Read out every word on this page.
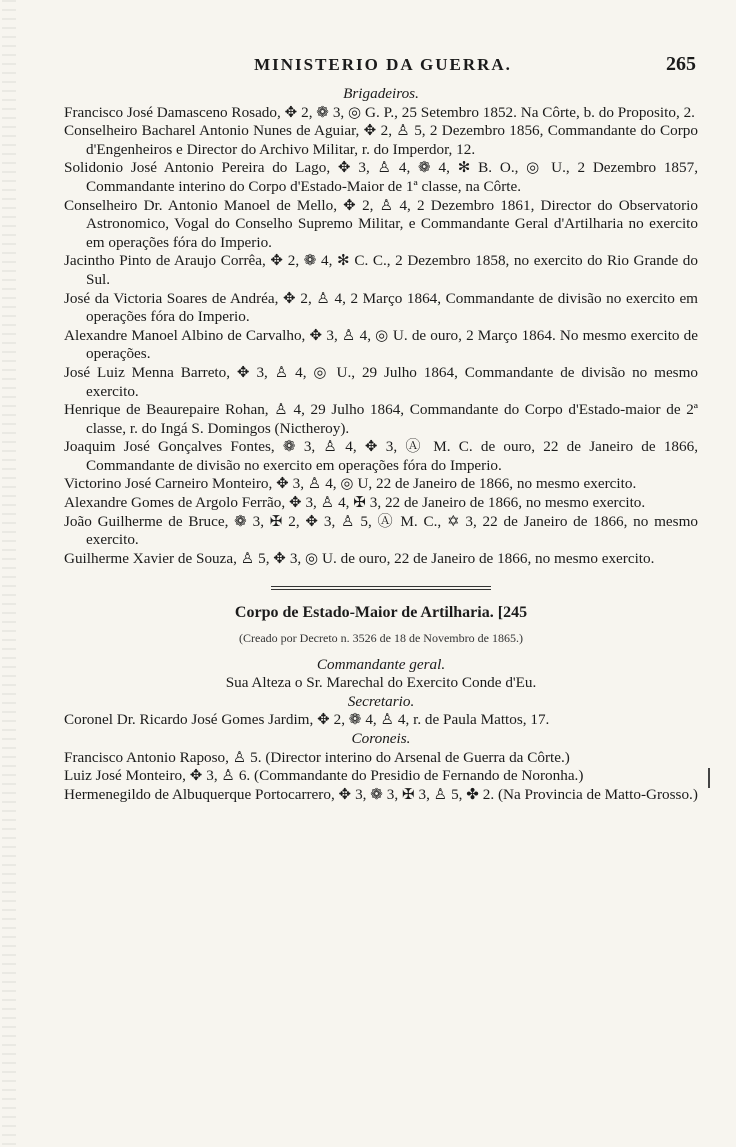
MINISTERIO DA GUERRA.	265
Brigadeiros.
Francisco José Damasceno Rosado, ✥ 2, ❁ 3, ◎ G. P., 25 Setembro 1852. Na Côrte, b. do Proposito, 2.
Conselheiro Bacharel Antonio Nunes de Aguiar, ✥ 2, ♙ 5, 2 Dezembro 1856, Commandante do Corpo d'Engenheiros e Director do Archivo Militar, r. do Imperdor, 12.
Solidonio José Antonio Pereira do Lago, ✥ 3, ♙ 4, ❁ 4, ✻ B. O., ◎ U., 2 Dezembro 1857, Commandante interino do Corpo d'Estado-Maior de 1ª classe, na Côrte.
Conselheiro Dr. Antonio Manoel de Mello, ✥ 2, ♙ 4, 2 Dezembro 1861, Director do Observatorio Astronomico, Vogal do Conselho Supremo Militar, e Commandante Geral d'Artilharia no exercito em operações fóra do Imperio.
Jacintho Pinto de Araujo Corrêa, ✥ 2, ❁ 4, ✻ C. C., 2 Dezembro 1858, no exercito do Rio Grande do Sul.
José da Victoria Soares de Andréa, ✥ 2, ♙ 4, 2 Março 1864, Commandante de divisão no exercito em operações fóra do Imperio.
Alexandre Manoel Albino de Carvalho, ✥ 3, ♙ 4, ◎ U. de ouro, 2 Março 1864. No mesmo exercito de operações.
José Luiz Menna Barreto, ✥ 3, ♙ 4, ◎ U., 29 Julho 1864, Commandante de divisão no mesmo exercito.
Henrique de Beaurepaire Rohan, ♙ 4, 29 Julho 1864, Commandante do Corpo d'Estado-maior de 2ª classe, r. do Ingá S. Domingos (Nictheroy).
Joaquim José Gonçalves Fontes, ❁ 3, ♙ 4, ✥ 3, Ⓐ M. C. de ouro, 22 de Janeiro de 1866, Commandante de divisão no exercito em operações fóra do Imperio.
Victorino José Carneiro Monteiro, ✥ 3, ♙ 4, ◎ U, 22 de Janeiro de 1866, no mesmo exercito.
Alexandre Gomes de Argolo Ferrão, ✥ 3, ♙ 4, ✠ 3, 22 de Janeiro de 1866, no mesmo exercito.
João Guilherme de Bruce, ❁ 3, ✠ 2, ✥ 3, ♙ 5, Ⓐ M. C., ✡ 3, 22 de Janeiro de 1866, no mesmo exercito.
Guilherme Xavier de Souza, ♙ 5, ✥ 3, ◎ U. de ouro, 22 de Janeiro de 1866, no mesmo exercito.
Corpo de Estado-Maior de Artilharia. [245
(Creado por Decreto n. 3526 de 18 de Novembro de 1865.)
Commandante geral.
Sua Alteza o Sr. Marechal do Exercito Conde d'Eu.
Secretario.
Coronel Dr. Ricardo José Gomes Jardim, ✥ 2, ❁ 4, ♙ 4, r. de Paula Mattos, 17.
Coroneis.
Francisco Antonio Raposo, ♙ 5. (Director interino do Arsenal de Guerra da Côrte.)
Luiz José Monteiro, ✥ 3, ♙ 6. (Commandante do Presidio de Fernando de Noronha.)
Hermenegildo de Albuquerque Portocarrero, ✥ 3, ❁ 3, ✠ 3, ♙ 5, ✤ 2. (Na Provincia de Matto-Grosso.)
